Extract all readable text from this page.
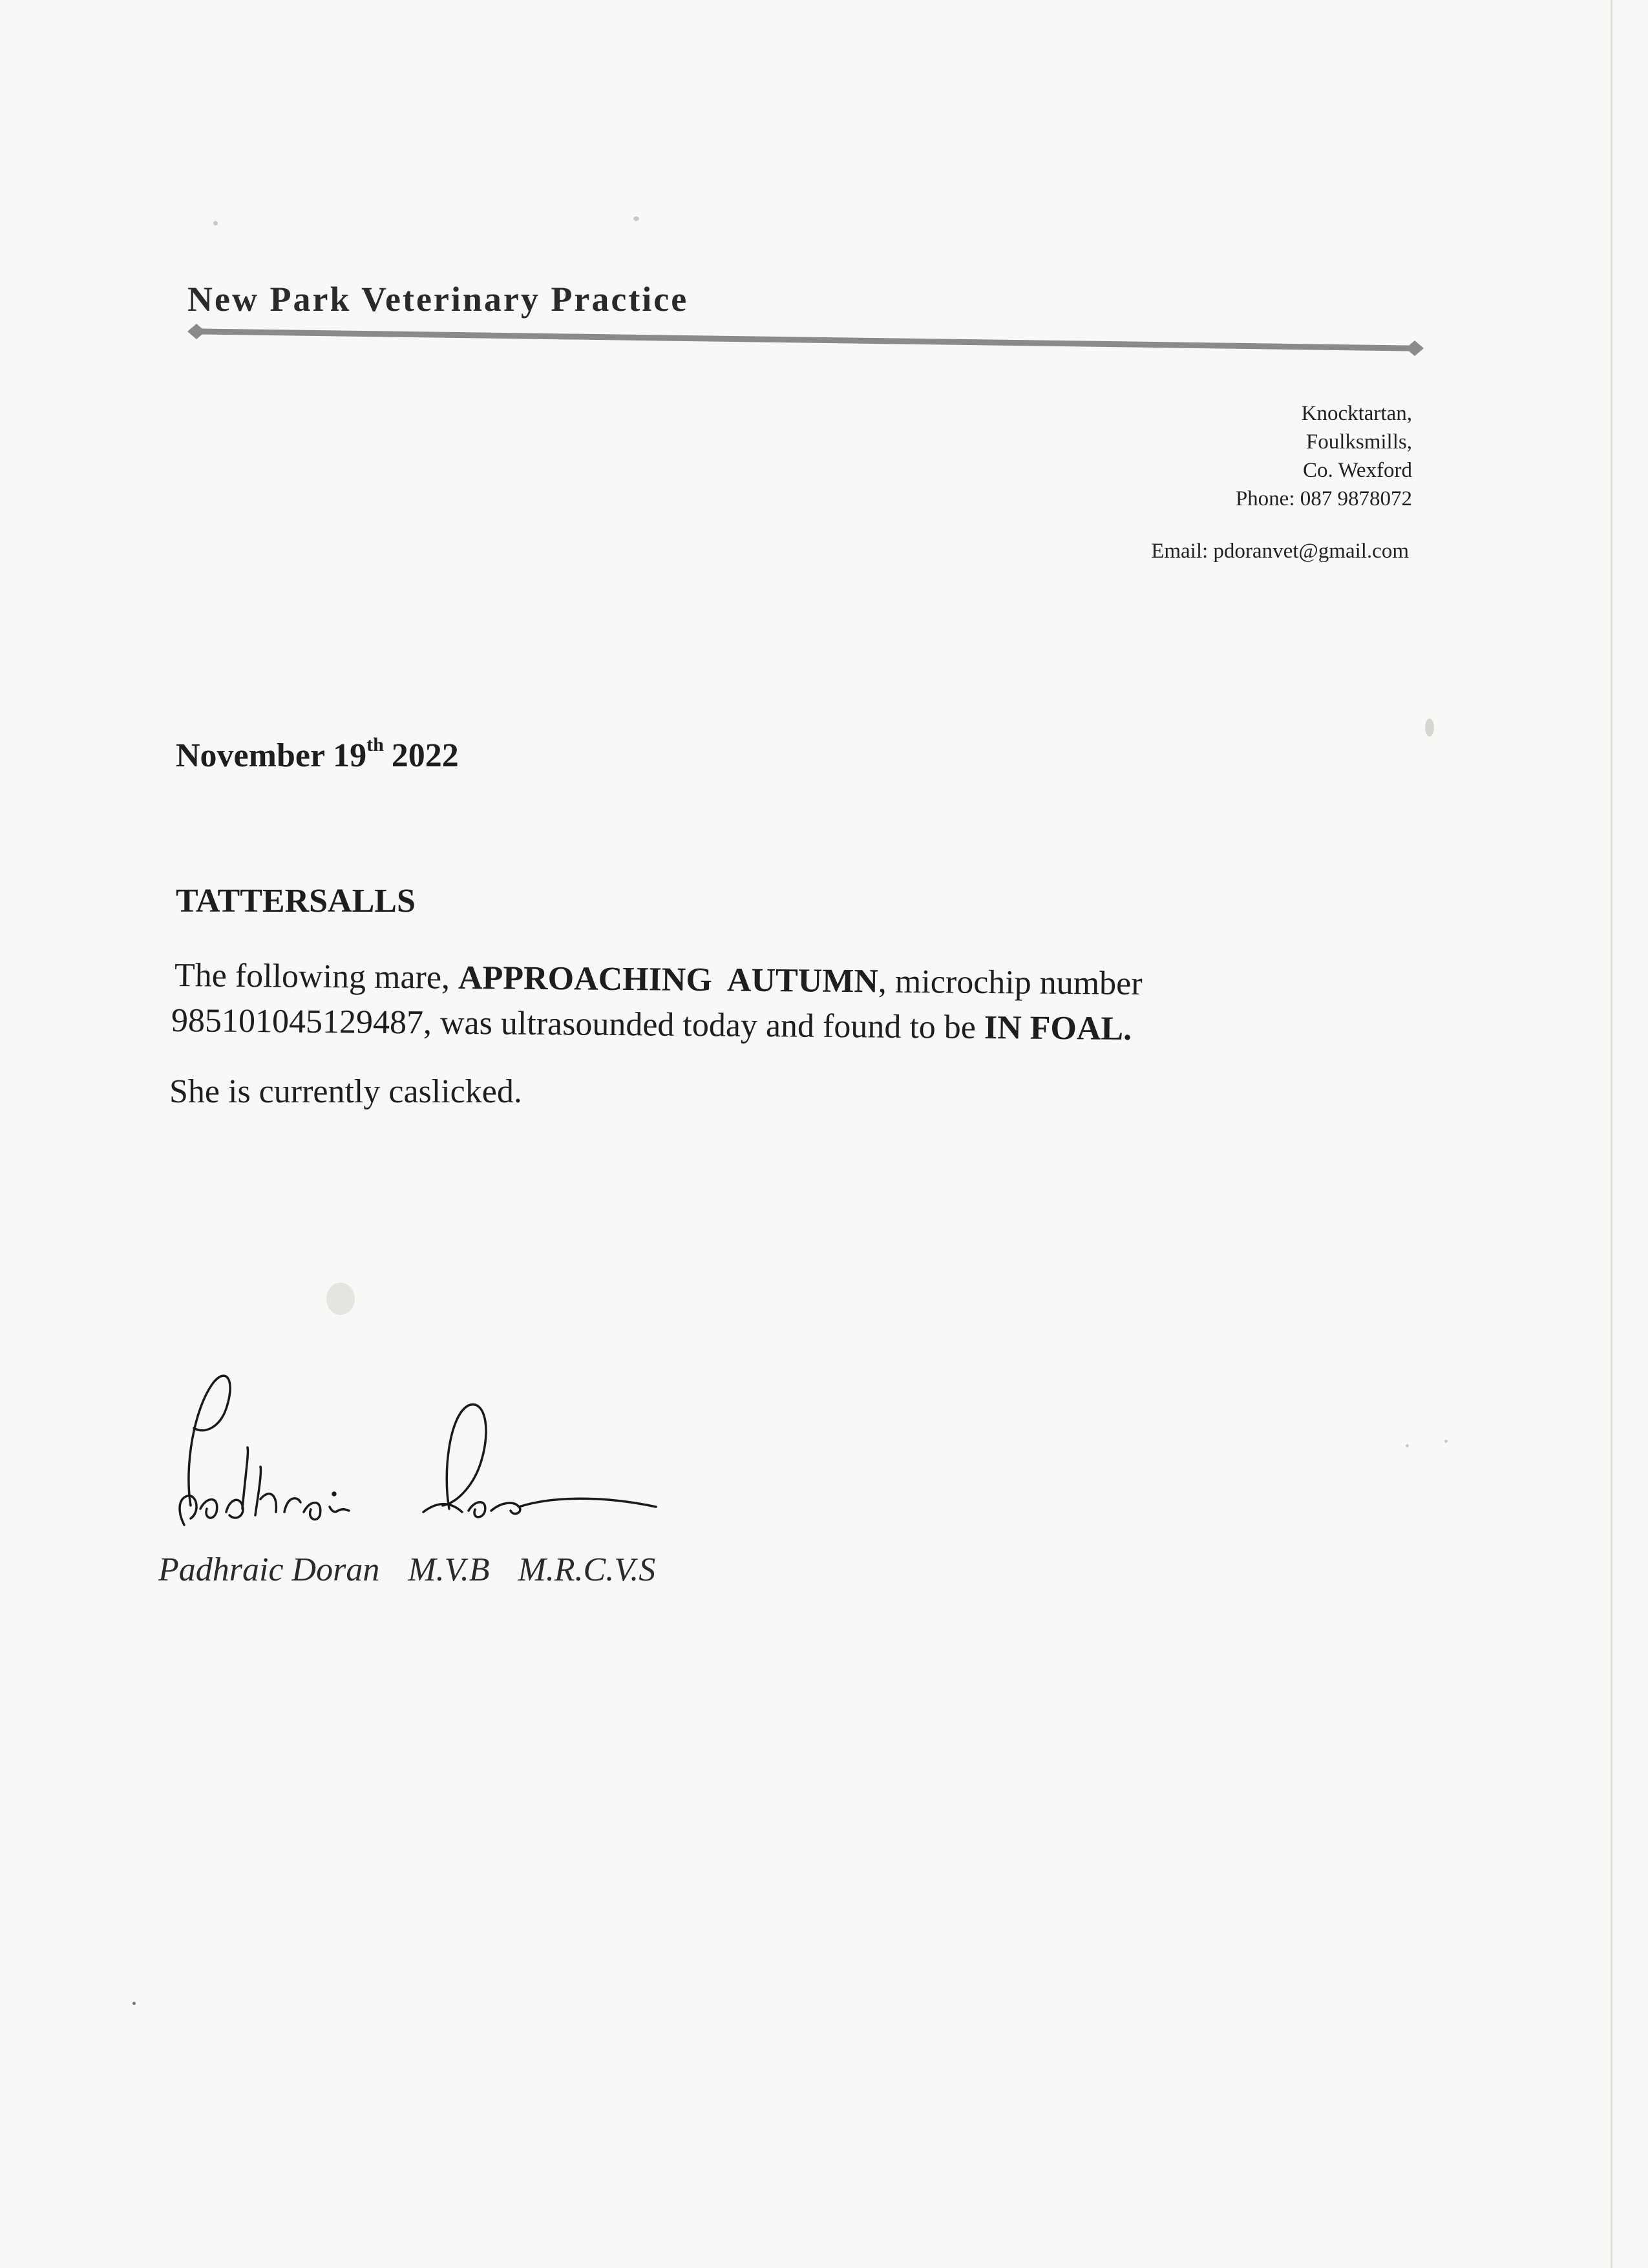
New Park Veterinary Practice
Knocktartan,
Foulksmills,
Co. Wexford
Phone: 087 9878072
Email: pdoranvet@gmail.com
November 19th 2022
TATTERSALLS
The following mare, APPROACHING  AUTUMN, microchip number
985101045129487, was ultrasounded today and found to be IN FOAL.
She is currently caslicked.
Padhraic Doran M.V.B M.R.C.V.S
